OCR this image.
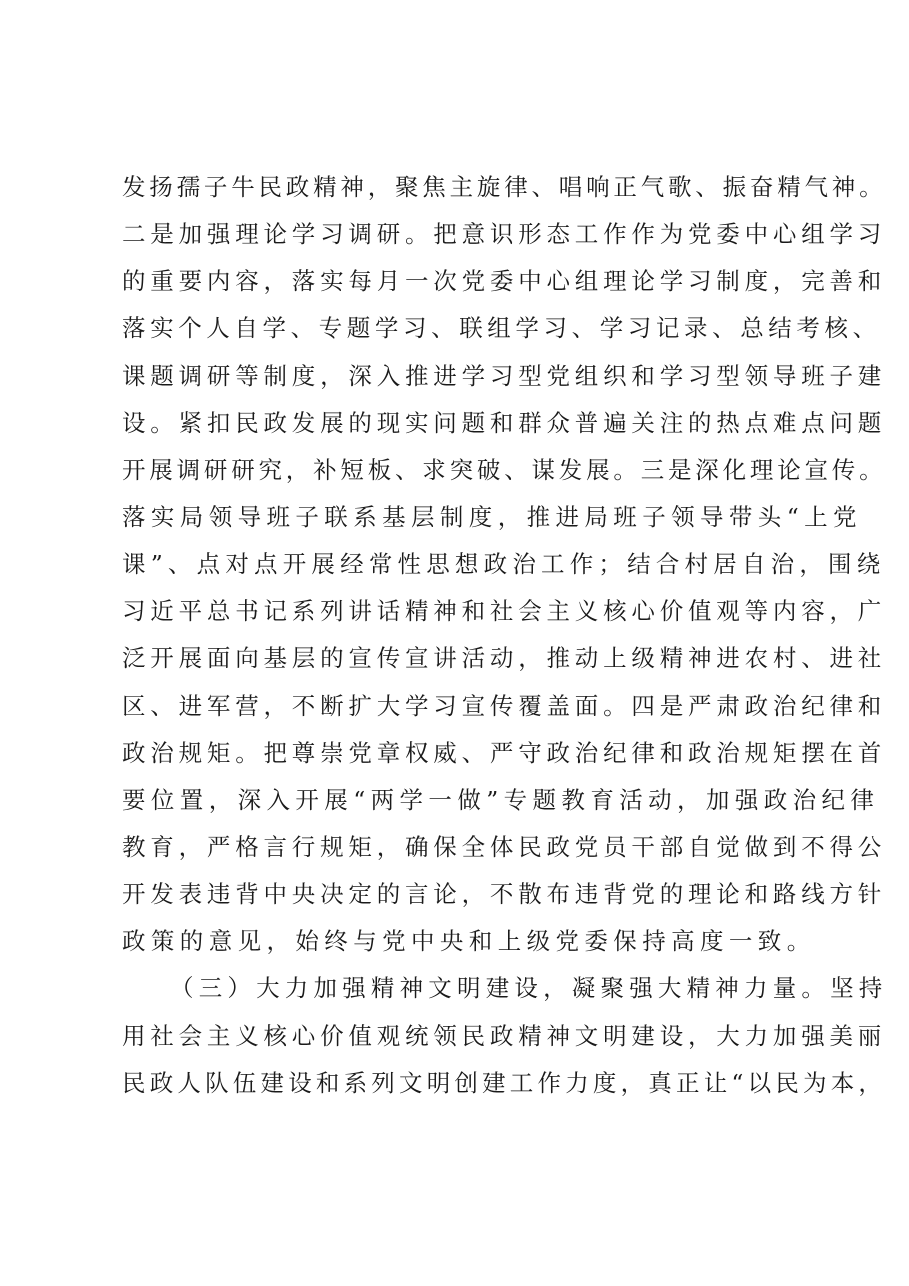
发扬孺子牛民政精神，聚焦主旋律、唱响正气歌、振奋精气神。
二是加强理论学习调研。把意识形态工作作为党委中心组学习
的重要内容，落实每月一次党委中心组理论学习制度，完善和
落实个人自学、专题学习、联组学习、学习记录、总结考核、
课题调研等制度，深入推进学习型党组织和学习型领导班子建
设。紧扣民政发展的现实问题和群众普遍关注的热点难点问题
开展调研研究，补短板、求突破、谋发展。三是深化理论宣传。
落实局领导班子联系基层制度，推进局班子领导带头“上党
课”、点对点开展经常性思想政治工作；结合村居自治，围绕
习近平总书记系列讲话精神和社会主义核心价值观等内容，广
泛开展面向基层的宣传宣讲活动，推动上级精神进农村、进社
区、进军营，不断扩大学习宣传覆盖面。四是严肃政治纪律和
政治规矩。把尊崇党章权威、严守政治纪律和政治规矩摆在首
要位置，深入开展“两学一做”专题教育活动，加强政治纪律
教育，严格言行规矩，确保全体民政党员干部自觉做到不得公
开发表违背中央决定的言论，不散布违背党的理论和路线方针
政策的意见，始终与党中央和上级党委保持高度一致。
（三）大力加强精神文明建设，凝聚强大精神力量。坚持
用社会主义核心价值观统领民政精神文明建设，大力加强美丽
民政人队伍建设和系列文明创建工作力度，真正让“以民为本，
